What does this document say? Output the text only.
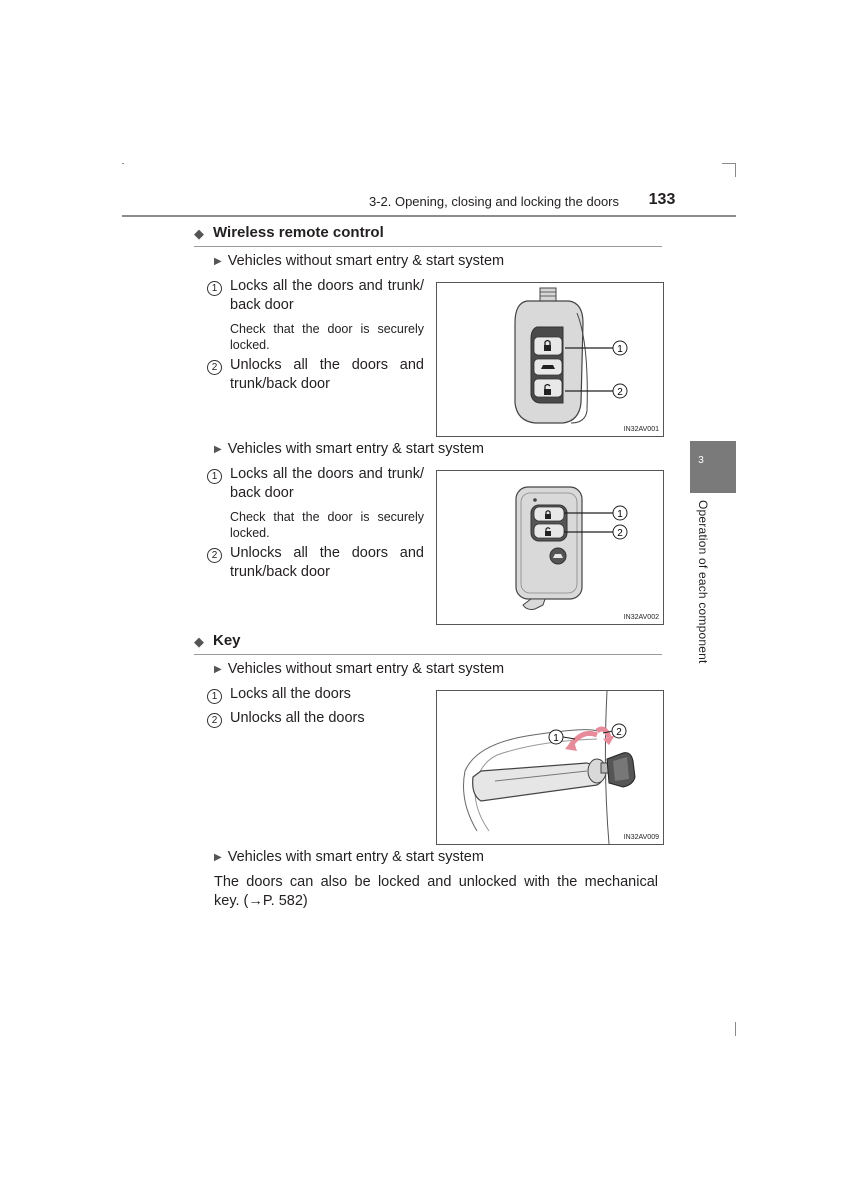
3-2. Opening, closing and locking the doors	133
3
Operation of each component
◆ Wireless remote control
▶ Vehicles without smart entry & start system
1 Locks all the doors and trunk/
back door
Check that the door is securely
locked.
2 Unlocks all the doors and
trunk/back door
1
2
IN32AV001
▶ Vehicles with smart entry & start system
1 Locks all the doors and trunk/
back door
Check that the door is securely
locked.
2 Unlocks all the doors and
trunk/back door
1
2
IN32AV002
◆ Key
▶ Vehicles without smart entry & start system
1 Locks all the doors
2 Unlocks all the doors
1
2
IN32AV009
▶ Vehicles with smart entry & start system
The doors can also be locked and unlocked with the mechanical
key. (→P. 582)
